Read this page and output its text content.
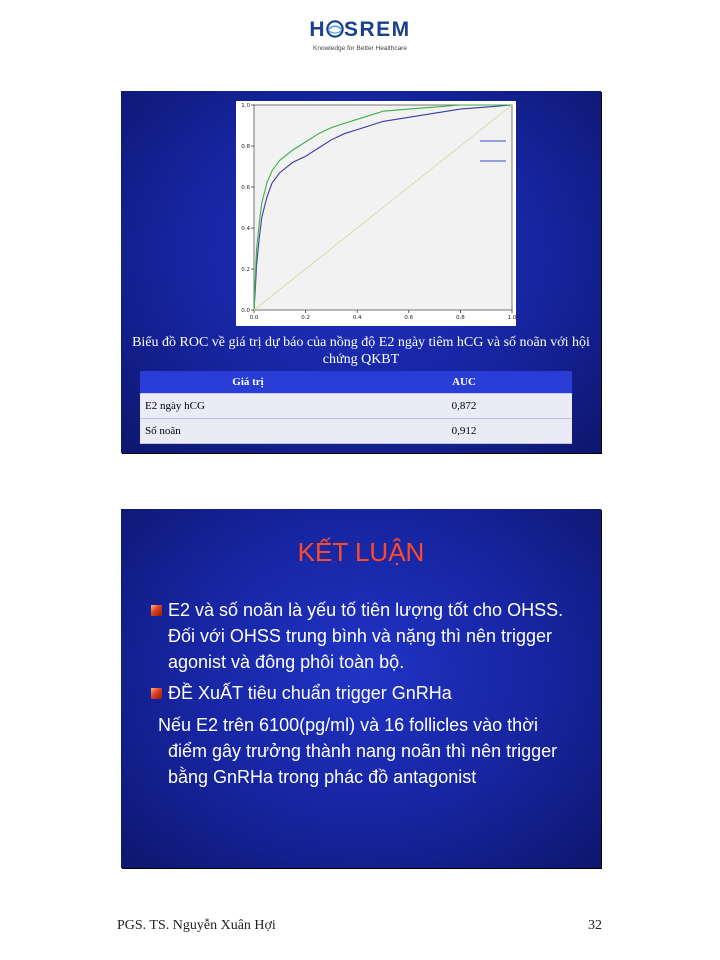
H SREM
Knowledge for Better Healthcare
0.0
0.2
0.4
0.6
0.8
1.0
0.0	0.2	0.4	0.6	0.8	1.0
Biểu đồ ROC về giá trị dự báo của nồng độ E2 ngày tiêm hCG và số noãn với hội chứng QKBT
Giá trị	AUC
E2 ngày hCG	0,872
Số noãn	0,912
KẾT LUẬN
E2 và số noãn là yếu tố tiên lượng tốt cho OHSS. Đối với OHSS trung bình và nặng thì nên trigger agonist và đông phôi toàn bộ.
ĐỀ XuẤT tiêu chuẩn trigger GnRHa
Nếu E2 trên 6100(pg/ml) và 16 follicles vào thời điểm gây trưởng thành nang noãn thì nên trigger bằng GnRHa trong phác đồ antagonist
PGS. TS. Nguyễn Xuân Hợi	32
